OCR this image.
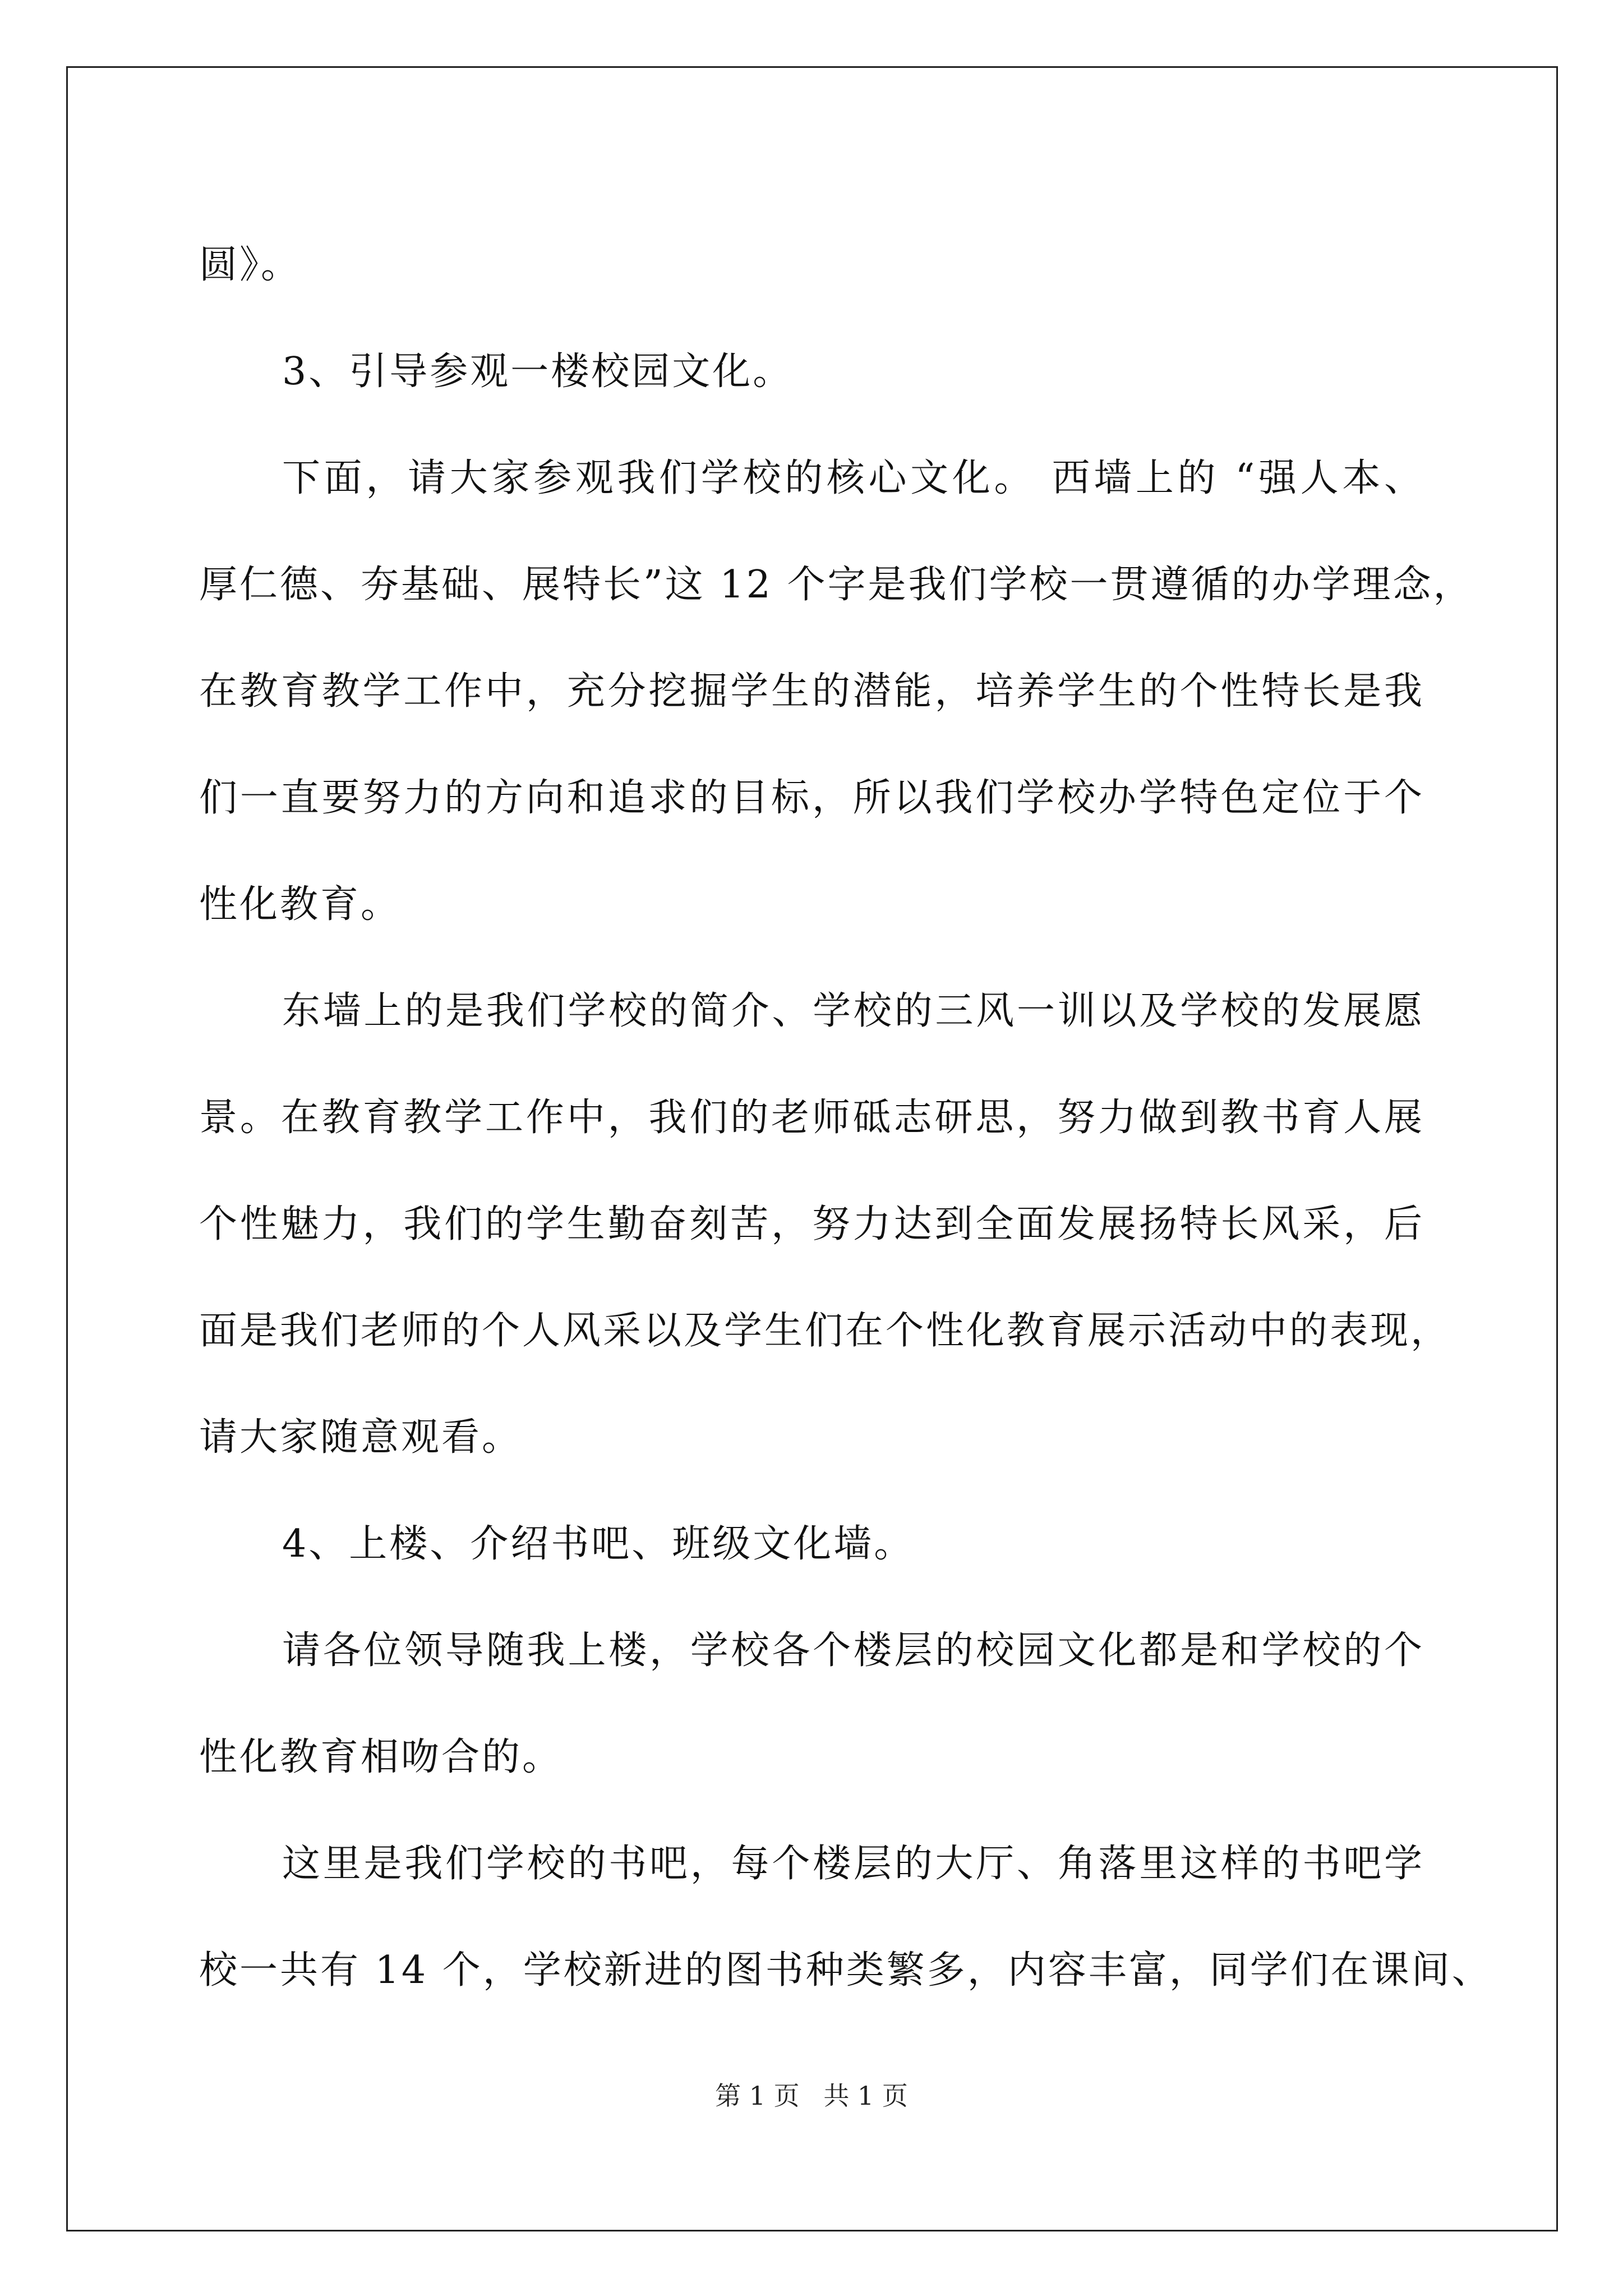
圆》。
3、引导参观一楼校园文化。
下面，请大家参观我们学校的核心文化。 西墙上的 “强人本、
厚仁德、夯基础、展特长”这 12 个字是我们学校一贯遵循的办学理念，
在教育教学工作中，充分挖掘学生的潜能，培养学生的个性特长是我
们一直要努力的方向和追求的目标，所以我们学校办学特色定位于个
性化教育。
东墙上的是我们学校的简介、学校的三风一训以及学校的发展愿
景。在教育教学工作中，我们的老师砥志研思，努力做到教书育人展
个性魅力，我们的学生勤奋刻苦，努力达到全面发展扬特长风采，后
面是我们老师的个人风采以及学生们在个性化教育展示活动中的表现，
请大家随意观看。
4、上楼、介绍书吧、班级文化墙。
请各位领导随我上楼，学校各个楼层的校园文化都是和学校的个
性化教育相吻合的。
这里是我们学校的书吧，每个楼层的大厅、角落里这样的书吧学
校一共有 14 个，学校新进的图书种类繁多，内容丰富，同学们在课间、
第 1 页 共 1 页
